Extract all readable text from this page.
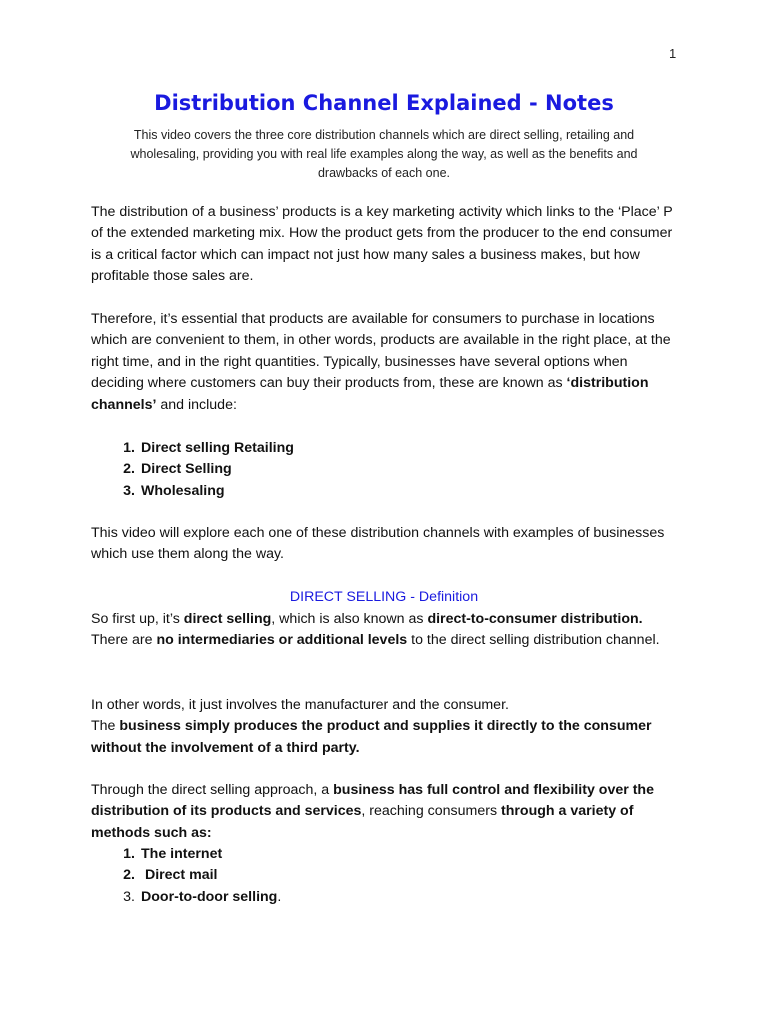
1
Distribution Channel Explained - Notes

This video covers the three core distribution channels which are direct selling, retailing and wholesaling, providing you with real life examples along the way, as well as the benefits and drawbacks of each one.

The distribution of a business’ products is a key marketing activity which links to the ‘Place’ P of the extended marketing mix. How the product gets from the producer to the end consumer is a critical factor which can impact not just how many sales a business makes, but how profitable those sales are.

Therefore, it’s essential that products are available for consumers to purchase in locations which are convenient to them, in other words, products are available in the right place, at the right time, and in the right quantities. Typically, businesses have several options when deciding where customers can buy their products from, these are known as ‘distribution channels’ and include:

1. Direct selling Retailing
2. Direct Selling
3. Wholesaling

This video will explore each one of these distribution channels with examples of businesses which use them along the way.

DIRECT SELLING - Definition

So first up, it’s direct selling, which is also known as direct-to-consumer distribution. There are no intermediaries or additional levels to the direct selling distribution channel.

In other words, it just involves the manufacturer and the consumer.
The business simply produces the product and supplies it directly to the consumer without the involvement of a third party.

Through the direct selling approach, a business has full control and flexibility over the distribution of its products and services, reaching consumers through a variety of methods such as:

1. The internet
2. Direct mail
3. Door-to-door selling.
